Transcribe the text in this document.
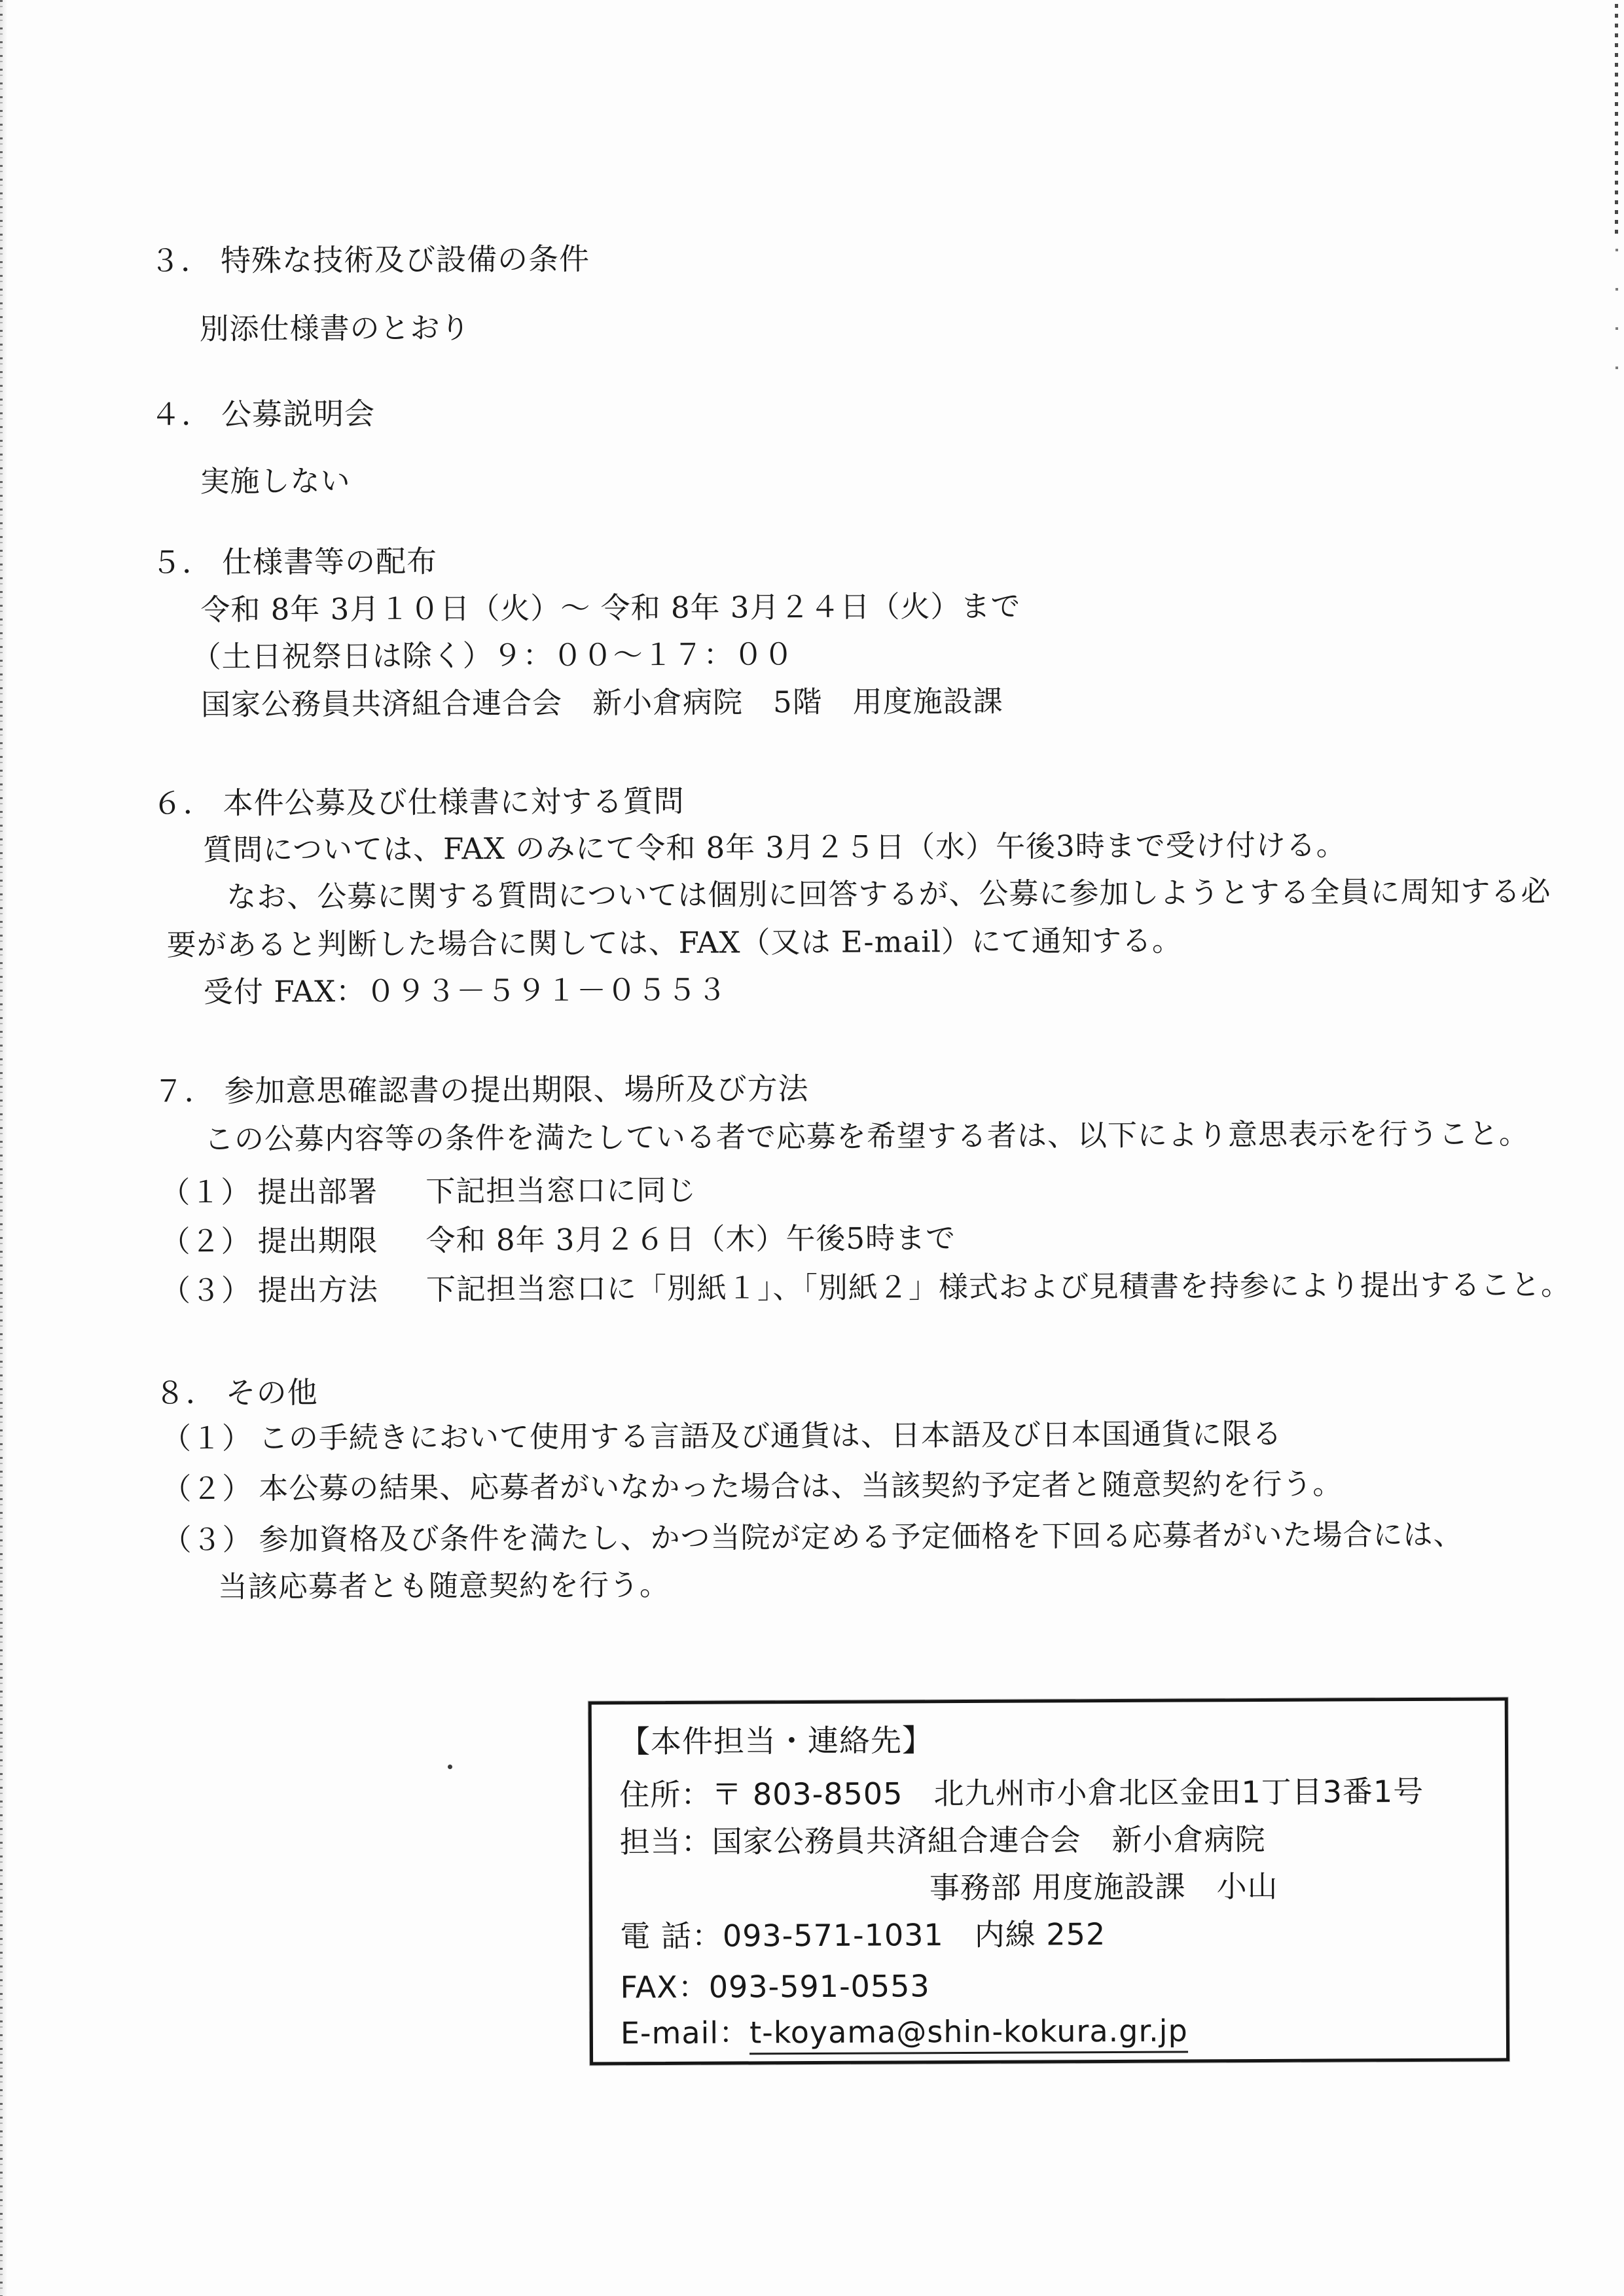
３． 特殊な技術及び設備の条件
別添仕様書のとおり
４． 公募説明会
実施しない
５． 仕様書等の配布
令和 8年 3月１０日（火）～ 令和 8年 3月２４日（火）まで
（土日祝祭日は除く）９：００～１７：００
国家公務員共済組合連合会　新小倉病院　5階　用度施設課
６． 本件公募及び仕様書に対する質問
質問については、FAX のみにて令和 8年 3月２５日（水）午後3時まで受け付ける。
なお、公募に関する質問については個別に回答するが、公募に参加しようとする全員に周知する必
要があると判断した場合に関しては、FAX（又は E-mail）にて通知する。
受付 FAX：０９３－５９１－０５５３
７． 参加意思確認書の提出期限、場所及び方法
この公募内容等の条件を満たしている者で応募を希望する者は、以下により意思表示を行うこと。
（１） 提出部署 下記担当窓口に同じ
（２） 提出期限 令和 8年 3月２６日（木）午後5時まで
（３） 提出方法 下記担当窓口に「別紙１」、「別紙２」様式および見積書を持参により提出すること。
８． その他
（１） この手続きにおいて使用する言語及び通貨は、日本語及び日本国通貨に限る
（２） 本公募の結果、応募者がいなかった場合は、当該契約予定者と随意契約を行う。
（３） 参加資格及び条件を満たし、かつ当院が定める予定価格を下回る応募者がいた場合には、
当該応募者とも随意契約を行う。
【本件担当・連絡先】
住所：〒 803-8505　北九州市小倉北区金田1丁目3番1号
担当：国家公務員共済組合連合会　新小倉病院
事務部 用度施設課　小山
電 話：093-571-1031　内線 252
FAX：093-591-0553
E-mail：t-koyama@shin-kokura.gr.jp
